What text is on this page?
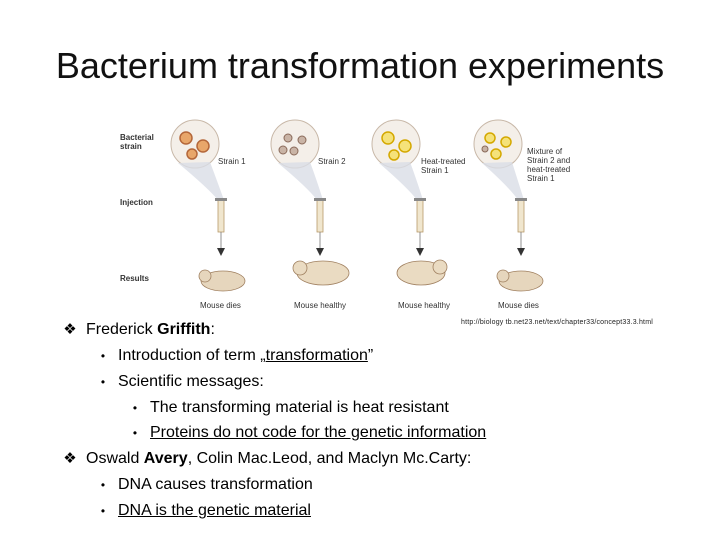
Bacterium transformation experiments
Bacterial
strain
Injection
Results
Strain 1
Mouse dies
Strain 2
Mouse healthy
Heat-treated
Strain 1
Mouse healthy
Mixture of
Strain 2 and
heat-treated
Strain 1
Mouse dies
http://biology tb.net23.net/text/chapter33/concept33.3.html
❖ Frederick Griffith:
• Introduction of term „transformation”
• Scientific messages:
• The transforming material is heat resistant
• Proteins do not code for the genetic information
❖ Oswald Avery, Colin Mac.Leod, and Maclyn Mc.Carty:
• DNA causes transformation
• DNA is the genetic material
